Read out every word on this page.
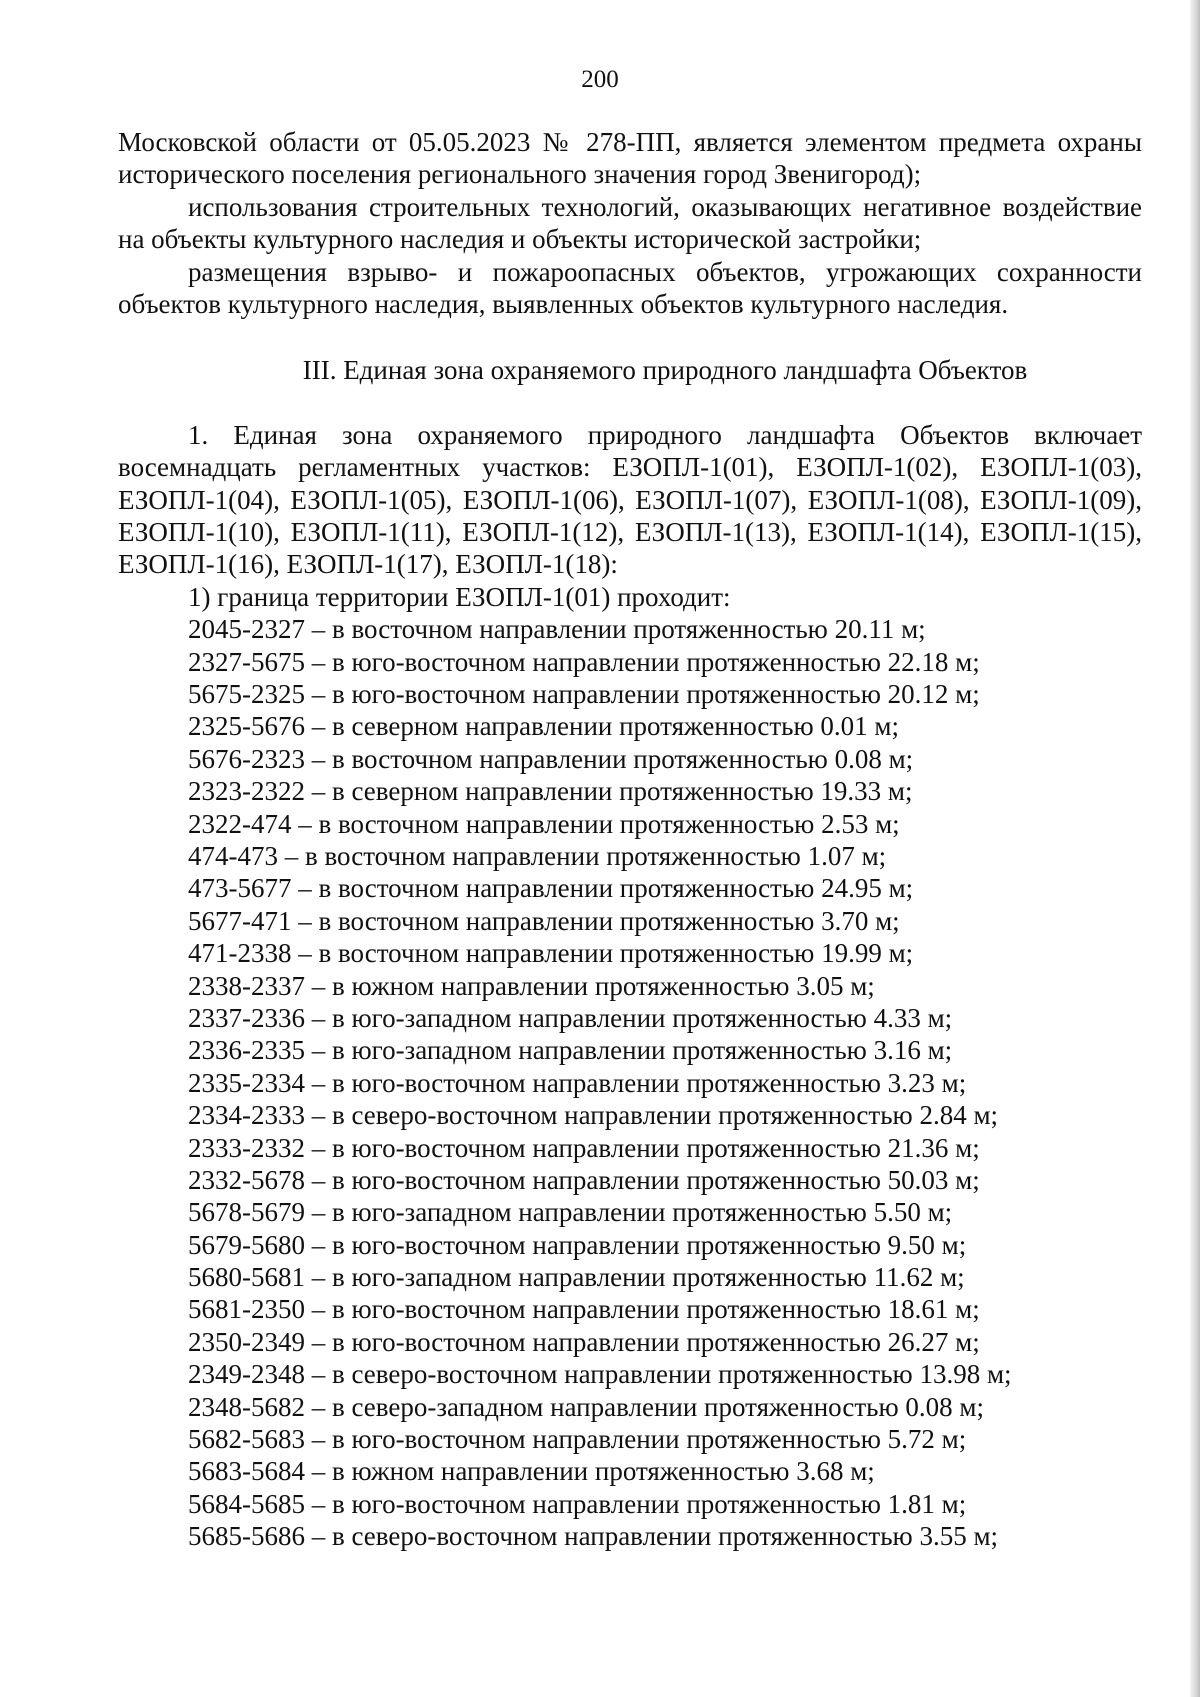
200

Московской области от 05.05.2023 № 278-ПП, является элементом предмета охраны исторического поселения регионального значения город Звенигород);

использования строительных технологий, оказывающих негативное воздействие на объекты культурного наследия и объекты исторической застройки;

размещения взрыво- и пожароопасных объектов, угрожающих сохранности объектов культурного наследия, выявленных объектов культурного наследия.

III. Единая зона охраняемого природного ландшафта Объектов

1. Единая зона охраняемого природного ландшафта Объектов включает восемнадцать регламентных участков: ЕЗОПЛ-1(01), ЕЗОПЛ-1(02), ЕЗОПЛ-1(03), ЕЗОПЛ-1(04), ЕЗОПЛ-1(05), ЕЗОПЛ-1(06), ЕЗОПЛ-1(07), ЕЗОПЛ-1(08), ЕЗОПЛ-1(09), ЕЗОПЛ-1(10), ЕЗОПЛ-1(11), ЕЗОПЛ-1(12), ЕЗОПЛ-1(13), ЕЗОПЛ-1(14), ЕЗОПЛ-1(15), ЕЗОПЛ-1(16), ЕЗОПЛ-1(17), ЕЗОПЛ-1(18):

1) граница территории ЕЗОПЛ-1(01) проходит:
2045-2327 – в восточном направлении протяженностью 20.11 м;
2327-5675 – в юго-восточном направлении протяженностью 22.18 м;
5675-2325 – в юго-восточном направлении протяженностью 20.12 м;
2325-5676 – в северном направлении протяженностью 0.01 м;
5676-2323 – в восточном направлении протяженностью 0.08 м;
2323-2322 – в северном направлении протяженностью 19.33 м;
2322-474 – в восточном направлении протяженностью 2.53 м;
474-473 – в восточном направлении протяженностью 1.07 м;
473-5677 – в восточном направлении протяженностью 24.95 м;
5677-471 – в восточном направлении протяженностью 3.70 м;
471-2338 – в восточном направлении протяженностью 19.99 м;
2338-2337 – в южном направлении протяженностью 3.05 м;
2337-2336 – в юго-западном направлении протяженностью 4.33 м;
2336-2335 – в юго-западном направлении протяженностью 3.16 м;
2335-2334 – в юго-восточном направлении протяженностью 3.23 м;
2334-2333 – в северо-восточном направлении протяженностью 2.84 м;
2333-2332 – в юго-восточном направлении протяженностью 21.36 м;
2332-5678 – в юго-восточном направлении протяженностью 50.03 м;
5678-5679 – в юго-западном направлении протяженностью 5.50 м;
5679-5680 – в юго-восточном направлении протяженностью 9.50 м;
5680-5681 – в юго-западном направлении протяженностью 11.62 м;
5681-2350 – в юго-восточном направлении протяженностью 18.61 м;
2350-2349 – в юго-восточном направлении протяженностью 26.27 м;
2349-2348 – в северо-восточном направлении протяженностью 13.98 м;
2348-5682 – в северо-западном направлении протяженностью 0.08 м;
5682-5683 – в юго-восточном направлении протяженностью 5.72 м;
5683-5684 – в южном направлении протяженностью 3.68 м;
5684-5685 – в юго-восточном направлении протяженностью 1.81 м;
5685-5686 – в северо-восточном направлении протяженностью 3.55 м;
